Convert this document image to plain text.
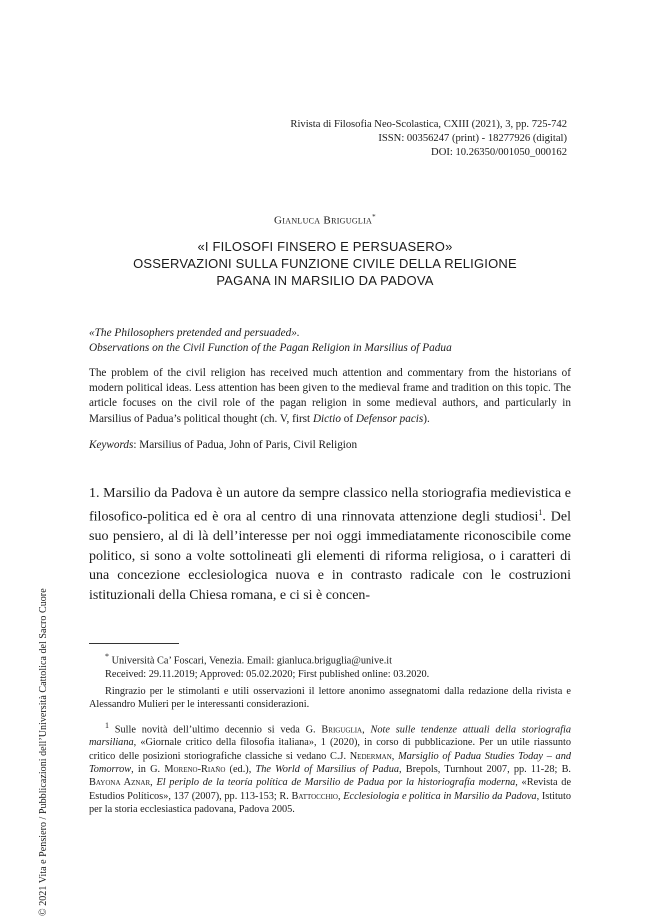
Rivista di Filosofia Neo-Scolastica, CXIII (2021), 3, pp. 725-742
ISSN: 00356247 (print) - 18277926 (digital)
DOI: 10.26350/001050_000162
Gianluca Briguglia*
«I FILOSOFI FINSERO E PERSUASERO»
OSSERVAZIONI SULLA FUNZIONE CIVILE DELLA RELIGIONE
PAGANA IN MARSILIO DA PADOVA
«The Philosophers pretended and persuaded».
Observations on the Civil Function of the Pagan Religion in Marsilius of Padua
The problem of the civil religion has received much attention and commentary from the historians of modern political ideas. Less attention has been given to the medieval frame and tradition on this topic. The article focuses on the civil role of the pagan religion in some medieval authors, and particularly in Marsilius of Padua’s political thought (ch. V, first Dictio of Defensor pacis).
Keywords: Marsilius of Padua, John of Paris, Civil Religion
1. Marsilio da Padova è un autore da sempre classico nella storiografia medievistica e filosofico-politica ed è ora al centro di una rinnovata attenzione degli studiosi$^1$. Del suo pensiero, al di là dell’interesse per noi oggi immediatamente riconoscibile come politico, si sono a volte sottolineati gli elementi di riforma religiosa, o i caratteri di una concezione ecclesiologica nuova e in contrasto radicale con le costruzioni istituzionali della Chiesa romana, e ci si è concen-

* Università Ca’ Foscari, Venezia. Email: gianluca.briguglia@unive.it

Received: 29.11.2019; Approved: 05.02.2020; First published online: 03.2020.

Ringrazio per le stimolanti e utili osservazioni il lettore anonimo assegnatomi dalla redazione della rivista e Alessandro Mulieri per le interessanti considerazioni.

$^1$ Sulle novità dell’ultimo decennio si veda G. Briguglia, Note sulle tendenze attuali della storiografia marsiliana, «Giornale critico della filosofia italiana», 1 (2020), in corso di pubblicazione. Per un utile riassunto critico delle posizioni storiografiche classiche si vedano C.J. Nederman, Marsiglio of Padua Studies Today – and Tomorrow, in G. Moreno-Riaño (ed.), The World of Marsilius of Padua, Brepols, Turnhout 2007, pp. 11-28; B. Bayona Aznar, El periplo de la teoría política de Marsilio de Padua por la historiografía moderna, «Revista de Estudios Políticos», 137 (2007), pp. 113-153; R. Battocchio, Ecclesiologia e politica in Marsilio da Padova, Istituto per la storia ecclesiastica padovana, Padova 2005.

© 2021 Vita e Pensiero / Pubblicazioni dell’Università Cattolica del Sacro Cuore
